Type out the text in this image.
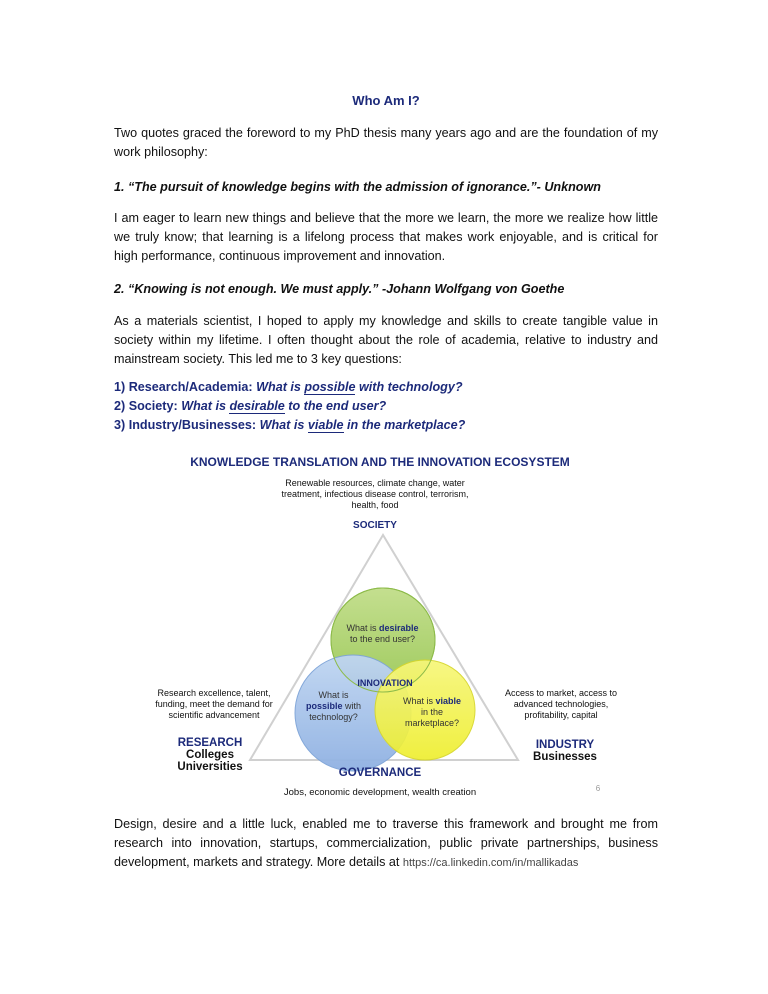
Who Am I?
Two quotes graced the foreword to my PhD thesis many years ago and are the foundation of my work philosophy:
1. “The pursuit of knowledge begins with the admission of ignorance.”- Unknown
I am eager to learn new things and believe that the more we learn, the more we realize how little we truly know; that learning is a lifelong process that makes work enjoyable, and is critical for high performance, continuous improvement and innovation.
2. “Knowing is not enough. We must apply.” -Johann Wolfgang von Goethe
As a materials scientist, I hoped to apply my knowledge and skills to create tangible value in society within my lifetime. I often thought about the role of academia, relative to industry and mainstream society. This led me to 3 key questions:
1) Research/Academia: What is possible with technology?
2) Society: What is desirable to the end user?
3) Industry/Businesses: What is viable in the marketplace?
Design, desire and a little luck, enabled me to traverse this framework and brought me from research into innovation, startups, commercialization, public private partnerships, business development, markets and strategy. More details at https://ca.linkedin.com/in/mallikadas
KNOWLEDGE TRANSLATION AND THE INNOVATION ECOSYSTEM
Renewable resources, climate change, water treatment, infectious disease control, terrorism, health, food
SOCIETY
What is desirable
to the end user?
INNOVATION
What is
possible with
technology?
What is viable
in the
marketplace?
Research excellence, talent, funding, meet the demand for scientific advancement
Access to market, access to advanced technologies, profitability, capital
RESEARCH
Colleges
Universities
INDUSTRY
Businesses
GOVERNANCE
Jobs, economic development, wealth creation	6
